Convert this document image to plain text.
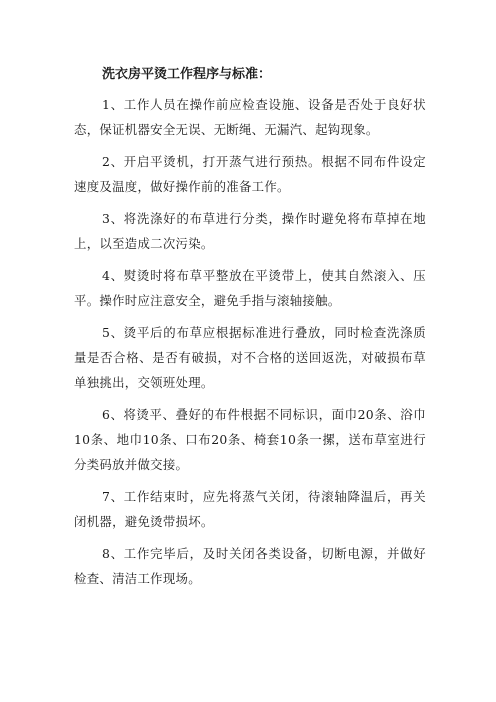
洗衣房平烫工作程序与标准：

1、工作人员在操作前应检查设施、设备是否处于良好状态，保证机器安全无误、无断绳、无漏汽、起钩现象。

2、开启平烫机，打开蒸气进行预热。根据不同布件设定速度及温度，做好操作前的准备工作。

3、将洗涤好的布草进行分类，操作时避免将布草掉在地上，以至造成二次污染。

4、熨烫时将布草平整放在平烫带上，使其自然滚入、压平。操作时应注意安全，避免手指与滚轴接触。

5、烫平后的布草应根据标准进行叠放，同时检查洗涤质量是否合格、是否有破损，对不合格的送回返洗，对破损布草单独挑出，交领班处理。

6、将烫平、叠好的布件根据不同标识，面巾20条、浴巾10条、地巾10条、口布20条、椅套10条一摞，送布草室进行分类码放并做交接。

7、工作结束时，应先将蒸气关闭，待滚轴降温后，再关闭机器，避免烫带损坏。

8、工作完毕后，及时关闭各类设备，切断电源，并做好检查、清洁工作现场。
